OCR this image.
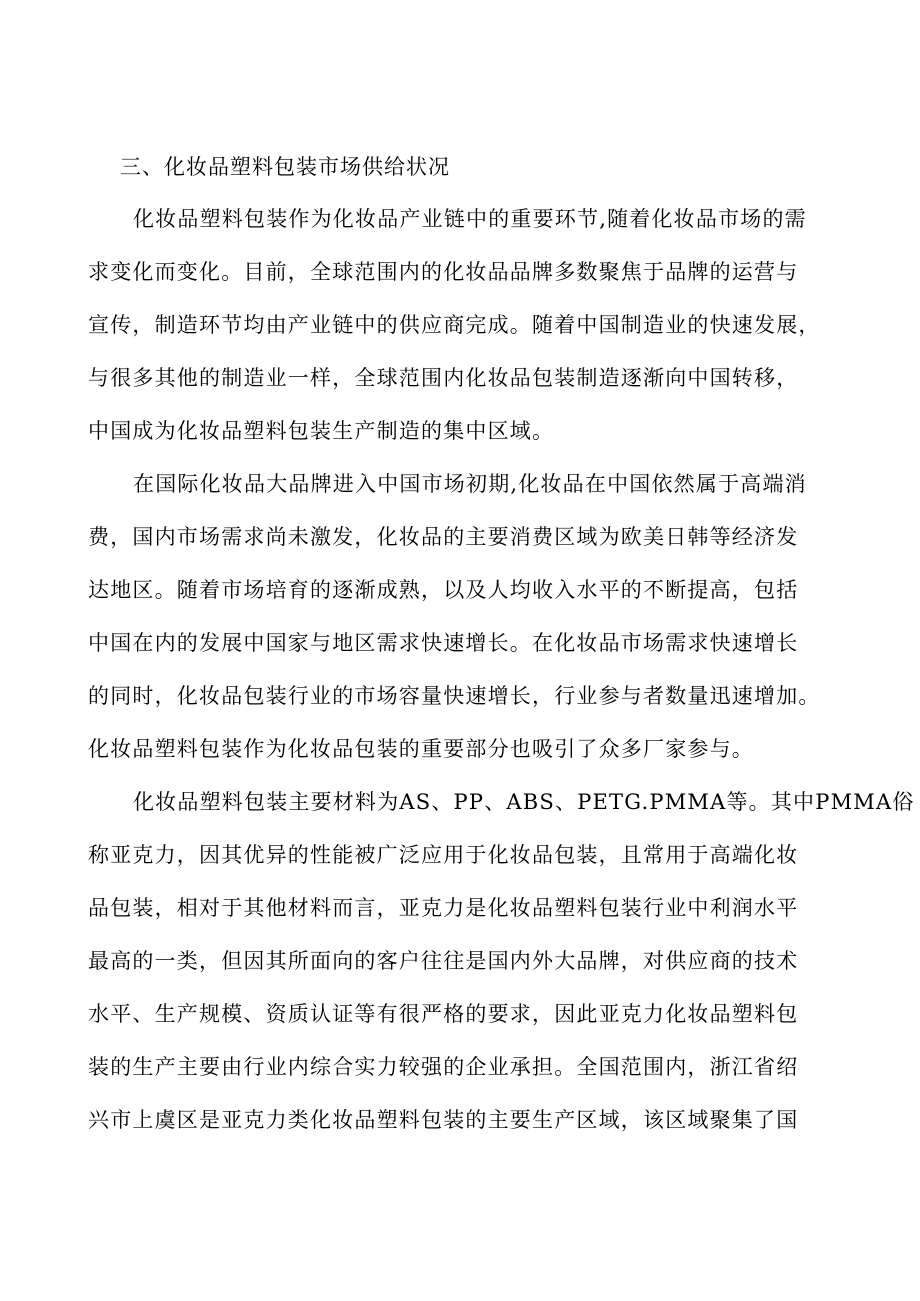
三、化妆品塑料包装市场供给状况
化妆品塑料包装作为化妆品产业链中的重要环节,随着化妆品市场的需
求变化而变化。目前，全球范围内的化妆品品牌多数聚焦于品牌的运营与
宣传，制造环节均由产业链中的供应商完成。随着中国制造业的快速发展，
与很多其他的制造业一样，全球范围内化妆品包装制造逐渐向中国转移，
中国成为化妆品塑料包装生产制造的集中区域。
在国际化妆品大品牌进入中国市场初期,化妆品在中国依然属于高端消
费，国内市场需求尚未激发，化妆品的主要消费区域为欧美日韩等经济发
达地区。随着市场培育的逐渐成熟，以及人均收入水平的不断提高，包括
中国在内的发展中国家与地区需求快速增长。在化妆品市场需求快速增长
的同时，化妆品包装行业的市场容量快速增长，行业参与者数量迅速增加。
化妆品塑料包装作为化妆品包装的重要部分也吸引了众多厂家参与。
化妆品塑料包装主要材料为AS、PP、ABS、PETG.PMMA等。其中PMMA俗
称亚克力，因其优异的性能被广泛应用于化妆品包装，且常用于高端化妆
品包装，相对于其他材料而言，亚克力是化妆品塑料包装行业中利润水平
最高的一类，但因其所面向的客户往往是国内外大品牌，对供应商的技术
水平、生产规模、资质认证等有很严格的要求，因此亚克力化妆品塑料包
装的生产主要由行业内综合实力较强的企业承担。全国范围内，浙江省绍
兴市上虞区是亚克力类化妆品塑料包装的主要生产区域，该区域聚集了国
